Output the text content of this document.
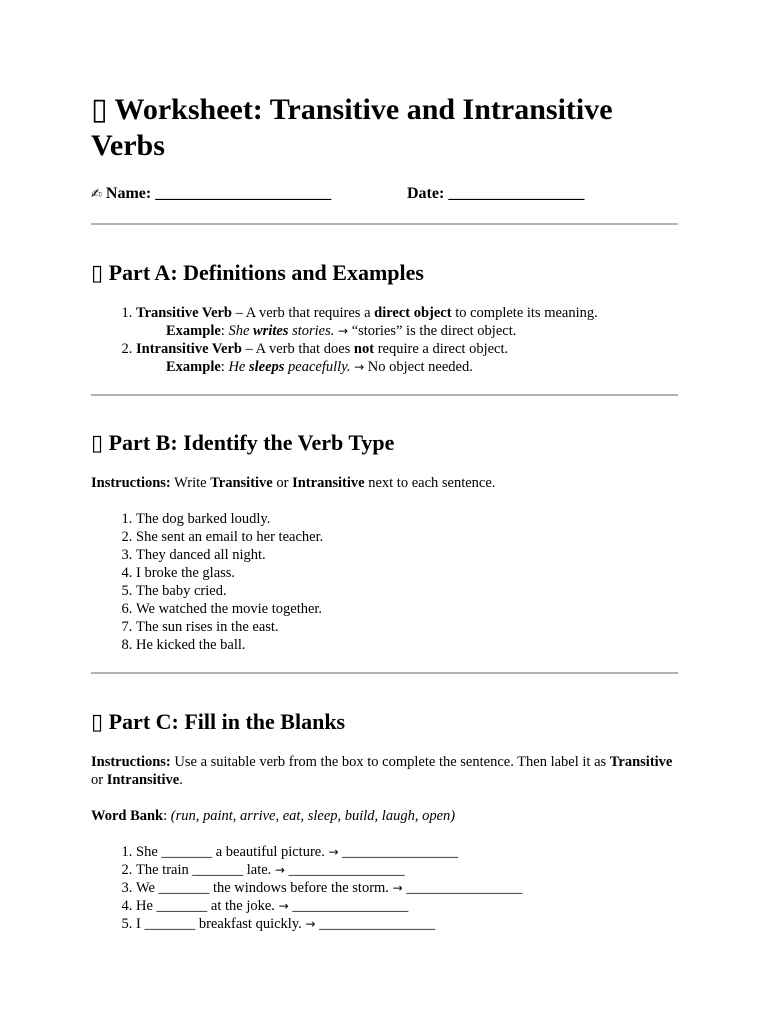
▯ Worksheet: Transitive and Intransitive Verbs
✍ Name: ______________________	Date: _________________
▯ Part A: Definitions and Examples
1. Transitive Verb – A verb that requires a direct object to complete its meaning.
Example: She writes stories. → “stories” is the direct object.
2. Intransitive Verb – A verb that does not require a direct object.
Example: He sleeps peacefully. → No object needed.
▯ Part B: Identify the Verb Type
Instructions: Write Transitive or Intransitive next to each sentence.
1. The dog barked loudly.
2. She sent an email to her teacher.
3. They danced all night.
4. I broke the glass.
5. The baby cried.
6. We watched the movie together.
7. The sun rises in the east.
8. He kicked the ball.
▯ Part C: Fill in the Blanks
Instructions: Use a suitable verb from the box to complete the sentence. Then label it as Transitive or Intransitive.
Word Bank: (run, paint, arrive, eat, sleep, build, laugh, open)
1. She _______ a beautiful picture. → ________________
2. The train _______ late. → ________________
3. We _______ the windows before the storm. → ________________
4. He _______ at the joke. → ________________
5. I _______ breakfast quickly. → ________________
